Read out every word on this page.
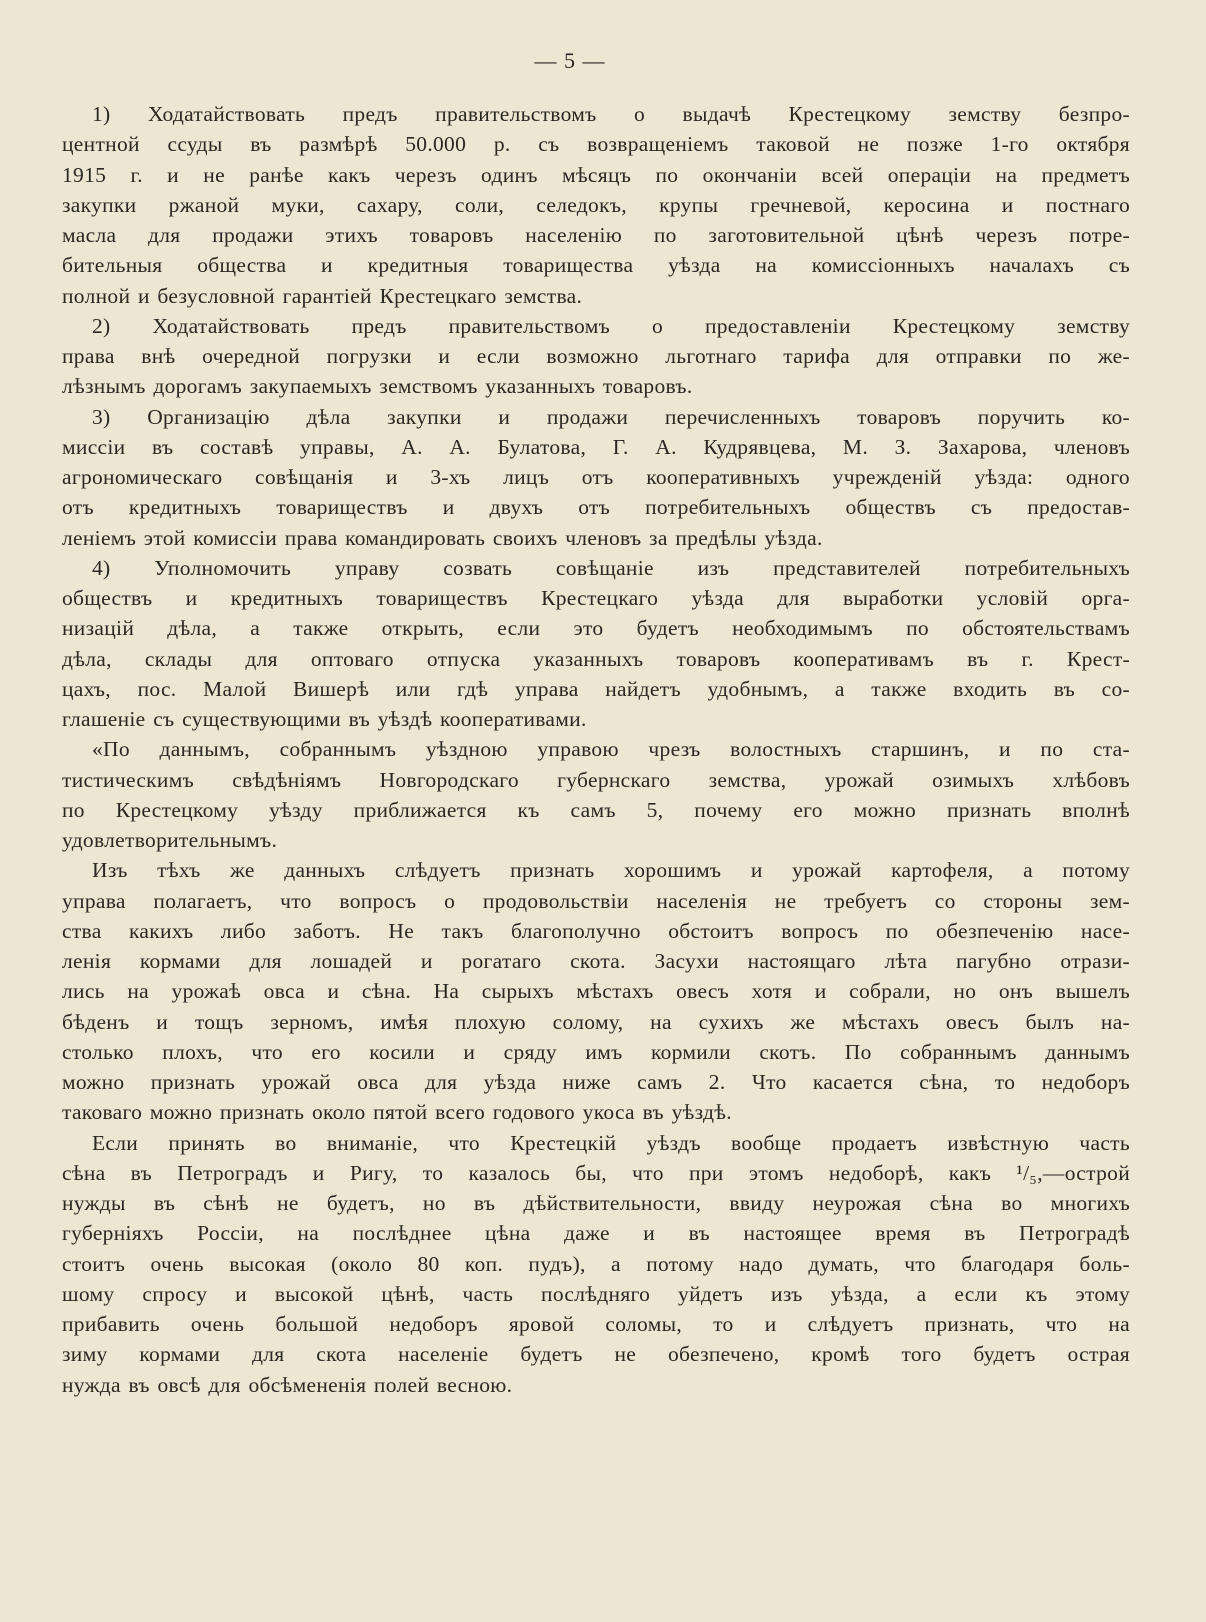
— 5 —
1) Ходатайствовать предъ правительствомъ о выдачѣ Крестецкому земству безпро-
центной ссуды въ размѣрѣ 50.000 р. съ возвращеніемъ таковой не позже 1-го октября
1915 г. и не ранѣе какъ черезъ одинъ мѣсяцъ по окончаніи всей операціи на предметъ
закупки ржаной муки, сахару, соли, селедокъ, крупы гречневой, керосина и постнаго
масла для продажи этихъ товаровъ населенію по заготовительной цѣнѣ черезъ потре-
бительныя общества и кредитныя товарищества уѣзда на комиссіонныхъ началахъ съ
полной и безусловной гарантіей Крестецкаго земства.
2) Ходатайствовать предъ правительствомъ о предоставленіи Крестецкому земству
права внѣ очередной погрузки и если возможно льготнаго тарифа для отправки по же-
лѣзнымъ дорогамъ закупаемыхъ земствомъ указанныхъ товаровъ.
3) Организацію дѣла закупки и продажи перечисленныхъ товаровъ поручить ко-
миссіи въ составѣ управы, А. А. Булатова, Г. А. Кудрявцева, М. З. Захарова, членовъ
агрономическаго совѣщанія и 3-хъ лицъ отъ кооперативныхъ учрежденій уѣзда: одного
отъ кредитныхъ товариществъ и двухъ отъ потребительныхъ обществъ съ предостав-
леніемъ этой комиссіи права командировать своихъ членовъ за предѣлы уѣзда.
4) Уполномочить управу созвать совѣщаніе изъ представителей потребительныхъ
обществъ и кредитныхъ товариществъ Крестецкаго уѣзда для выработки условій орга-
низацій дѣла, а также открыть, если это будетъ необходимымъ по обстоятельствамъ
дѣла, склады для оптоваго отпуска указанныхъ товаровъ кооперативамъ въ г. Крест-
цахъ, пос. Малой Вишерѣ или гдѣ управа найдетъ удобнымъ, а также входить въ со-
глашеніе съ существующими въ уѣздѣ кооперативами.
«По даннымъ, собраннымъ уѣздною управою чрезъ волостныхъ старшинъ, и по ста-
тистическимъ свѣдѣніямъ Новгородскаго губернскаго земства, урожай озимыхъ хлѣбовъ
по Крестецкому уѣзду приближается къ самъ 5, почему его можно признать вполнѣ
удовлетворительнымъ.
Изъ тѣхъ же данныхъ слѣдуетъ признать хорошимъ и урожай картофеля, а потому
управа полагаетъ, что вопросъ о продовольствіи населенія не требуетъ со стороны зем-
ства какихъ либо заботъ. Не такъ благополучно обстоитъ вопросъ по обезпеченію насе-
ленія кормами для лошадей и рогатаго скота. Засухи настоящаго лѣта пагубно отрази-
лись на урожаѣ овса и сѣна. На сырыхъ мѣстахъ овесъ хотя и собрали, но онъ вышелъ
бѣденъ и тощъ зерномъ, имѣя плохую солому, на сухихъ же мѣстахъ овесъ былъ на-
столько плохъ, что его косили и сряду имъ кормили скотъ. По собраннымъ даннымъ
можно признать урожай овса для уѣзда ниже самъ 2. Что касается сѣна, то недоборъ
таковаго можно признать около пятой всего годового укоса въ уѣздѣ.
Если принять во вниманіе, что Крестецкій уѣздъ вообще продаетъ извѣстную часть
сѣна въ Петроградъ и Ригу, то казалось бы, что при этомъ недоборѣ, какъ ¹/₅,—острой
нужды въ сѣнѣ не будетъ, но въ дѣйствительности, ввиду неурожая сѣна во многихъ
губерніяхъ Россіи, на послѣднее цѣна даже и въ настоящее время въ Петроградѣ
стоитъ очень высокая (около 80 коп. пудъ), а потому надо думать, что благодаря боль-
шому спросу и высокой цѣнѣ, часть послѣдняго уйдетъ изъ уѣзда, а если къ этому
прибавить очень большой недоборъ яровой соломы, то и слѣдуетъ признать, что на
зиму кормами для скота населеніе будетъ не обезпечено, кромѣ того будетъ острая
нужда въ овсѣ для обсѣмененія полей весною.
